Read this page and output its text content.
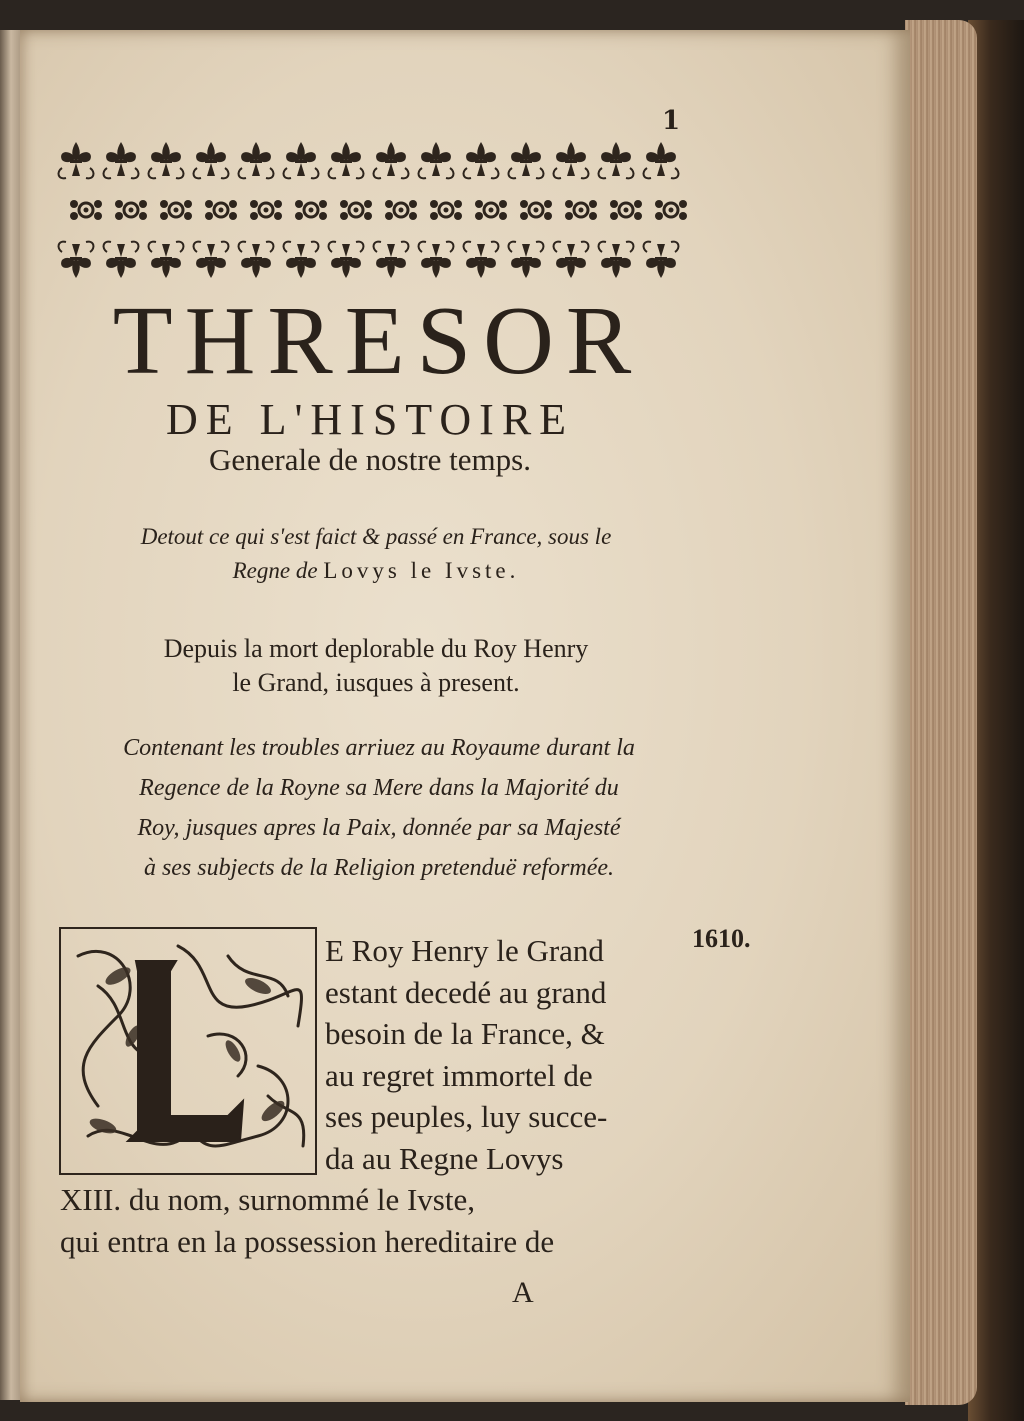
1
THRESOR
DE L'HISTOIRE
Generale de nostre temps.
Detout ce qui s'est faict & passé en France, sous le
Regne de Lovys le Ivste.
Depuis la mort deplorable du Roy Henry
le Grand, iusques à present.
Contenant les troubles arriuez au Royaume durant la
Regence de la Royne sa Mere dans la Majorité du
Roy, jusques apres la Paix, donnée par sa Majesté
à ses subjects de la Religion pretenduë reformée.
E Roy Henry le Grand
estant decedé au grand
besoin de la France, &
au regret immortel de
ses peuples, luy succe-
da au Regne Lovys
XIII. du nom, surnommé le Ivste,
qui entra en la possession hereditaire de
1610.
A
